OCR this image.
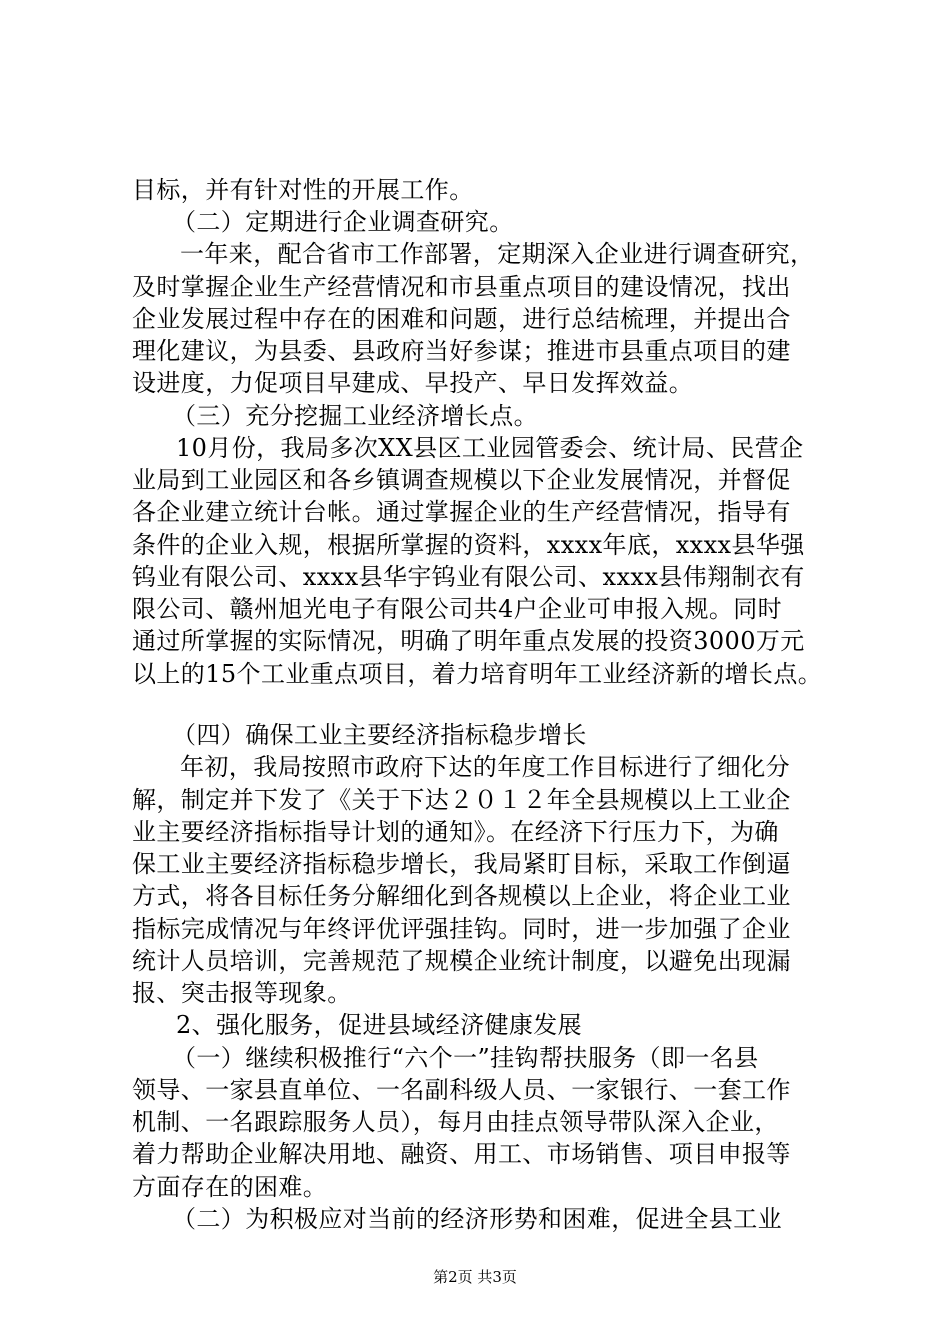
目标，并有针对性的开展工作。
（二）定期进行企业调查研究。
一年来，配合省市工作部署，定期深入企业进行调查研究，
及时掌握企业生产经营情况和市县重点项目的建设情况，找出
企业发展过程中存在的困难和问题，进行总结梳理，并提出合
理化建议，为县委、县政府当好参谋；推进市县重点项目的建
设进度，力促项目早建成、早投产、早日发挥效益。
（三）充分挖掘工业经济增长点。
10月份，我局多次XX县区工业园管委会、统计局、民营企
业局到工业园区和各乡镇调查规模以下企业发展情况，并督促
各企业建立统计台帐。通过掌握企业的生产经营情况，指导有
条件的企业入规，根据所掌握的资料，xxxx年底，xxxx县华强
钨业有限公司、xxxx县华宇钨业有限公司、xxxx县伟翔制衣有
限公司、赣州旭光电子有限公司共4户企业可申报入规。同时
通过所掌握的实际情况，明确了明年重点发展的投资3000万元
以上的15个工业重点项目，着力培育明年工业经济新的增长点。
（四）确保工业主要经济指标稳步增长
年初，我局按照市政府下达的年度工作目标进行了细化分
解，制定并下发了《关于下达２０１２年全县规模以上工业企
业主要经济指标指导计划的通知》。在经济下行压力下，为确
保工业主要经济指标稳步增长，我局紧盯目标，采取工作倒逼
方式，将各目标任务分解细化到各规模以上企业，将企业工业
指标完成情况与年终评优评强挂钩。同时，进一步加强了企业
统计人员培训，完善规范了规模企业统计制度，以避免出现漏
报、突击报等现象。
2、强化服务，促进县域经济健康发展
（一）继续积极推行“六个一”挂钩帮扶服务（即一名县
领导、一家县直单位、一名副科级人员、一家银行、一套工作
机制、一名跟踪服务人员），每月由挂点领导带队深入企业，
着力帮助企业解决用地、融资、用工、市场销售、项目申报等
方面存在的困难。
（二）为积极应对当前的经济形势和困难，促进全县工业
第2页 共3页
